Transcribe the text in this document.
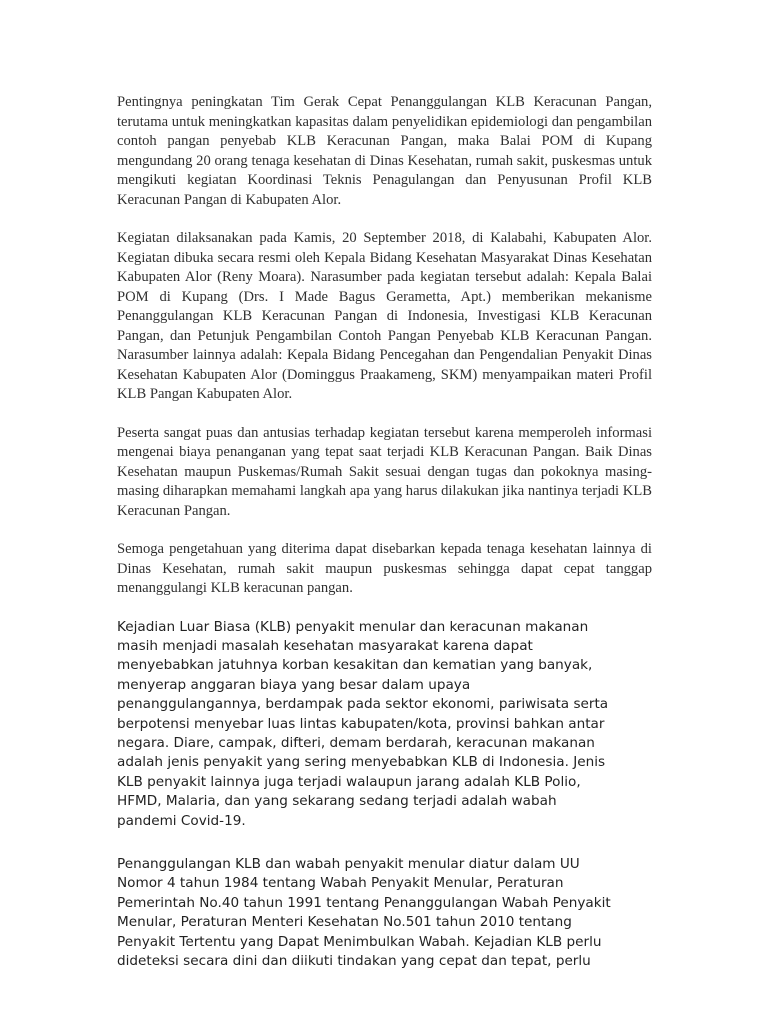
Pentingnya peningkatan Tim Gerak Cepat Penanggulangan KLB Keracunan Pangan, terutama untuk meningkatkan kapasitas dalam penyelidikan epidemiologi dan pengambilan contoh pangan penyebab KLB Keracunan Pangan, maka Balai POM di Kupang mengundang 20 orang tenaga kesehatan di Dinas Kesehatan, rumah sakit, puskesmas untuk mengikuti kegiatan Koordinasi Teknis Penagulangan dan Penyusunan Profil KLB Keracunan Pangan di Kabupaten Alor.

Kegiatan dilaksanakan pada Kamis, 20 September 2018, di Kalabahi, Kabupaten Alor. Kegiatan dibuka secara resmi oleh Kepala Bidang Kesehatan Masyarakat Dinas Kesehatan Kabupaten Alor (Reny Moara). Narasumber pada kegiatan tersebut adalah: Kepala Balai POM di Kupang (Drs. I Made Bagus Gerametta, Apt.) memberikan mekanisme Penanggulangan KLB Keracunan Pangan di Indonesia, Investigasi KLB Keracunan Pangan, dan Petunjuk Pengambilan Contoh Pangan Penyebab KLB Keracunan Pangan. Narasumber lainnya adalah: Kepala Bidang Pencegahan dan Pengendalian Penyakit Dinas Kesehatan Kabupaten Alor (Dominggus Praakameng, SKM) menyampaikan materi Profil KLB Pangan Kabupaten Alor.

Peserta sangat puas dan antusias terhadap kegiatan tersebut karena memperoleh informasi mengenai biaya penanganan yang tepat saat terjadi KLB Keracunan Pangan. Baik Dinas Kesehatan maupun Puskemas/Rumah Sakit sesuai dengan tugas dan pokoknya masing-masing diharapkan memahami langkah apa yang harus dilakukan jika nantinya terjadi KLB Keracunan Pangan.

Semoga pengetahuan yang diterima dapat disebarkan kepada tenaga kesehatan lainnya di Dinas Kesehatan, rumah sakit maupun puskesmas sehingga dapat cepat tanggap menanggulangi KLB keracunan pangan.

Kejadian Luar Biasa (KLB) penyakit menular dan keracunan makanan masih menjadi masalah kesehatan masyarakat karena dapat menyebabkan jatuhnya korban kesakitan dan kematian yang banyak, menyerap anggaran biaya yang besar dalam upaya penanggulangannya, berdampak pada sektor ekonomi, pariwisata serta berpotensi menyebar luas lintas kabupaten/kota, provinsi bahkan antar negara. Diare, campak, difteri, demam berdarah, keracunan makanan adalah jenis penyakit yang sering menyebabkan KLB di Indonesia. Jenis KLB penyakit lainnya juga terjadi walaupun jarang adalah KLB Polio, HFMD, Malaria, dan yang sekarang sedang terjadi adalah wabah pandemi Covid-19.

Penanggulangan KLB dan wabah penyakit menular diatur dalam UU Nomor 4 tahun 1984 tentang Wabah Penyakit Menular, Peraturan Pemerintah No.40 tahun 1991 tentang Penanggulangan Wabah Penyakit Menular, Peraturan Menteri Kesehatan No.501 tahun 2010 tentang Penyakit Tertentu yang Dapat Menimbulkan Wabah. Kejadian KLB perlu dideteksi secara dini dan diikuti tindakan yang cepat dan tepat, perlu
